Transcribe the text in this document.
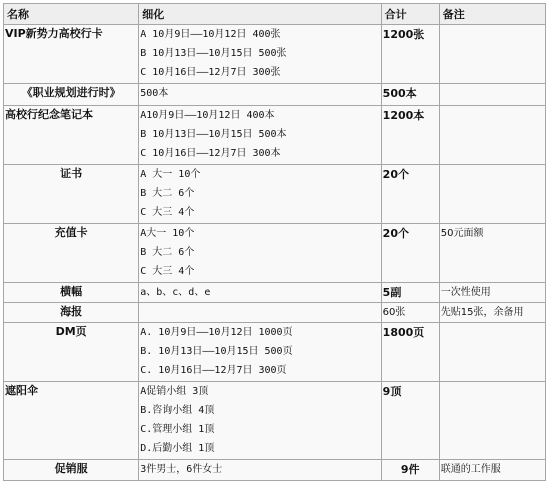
名称	细化	合计	备注
VIP新势力高校行卡	A 10月9日——10月12日 400张
B 10月13日——10月15日 500张
C 10月16日——12月7日 300张	1200张	

《职业规划进行时》	500本	500本	

高校行纪念笔记本	A10月9日——10月12日 400本
B 10月13日——10月15日 500本
C 10月16日——12月7日 300本	1200本	

证书	A 大一 10个
B 大二 6个
C 大三 4个	20个	

充值卡	A大一 10个
B 大二 6个
C 大三 4个	20个	50元面额

横幅	a、b、c、d、e	5副	一次性使用

海报		60张	先贴15张，余备用

DM页	A. 10月9日——10月12日 1000页
B. 10月13日——10月15日 500页
C. 10月16日——12月7日 300页	1800页	

遮阳伞	A促销小组 3顶
B.咨询小组 4顶
C.管理小组 1顶
D.后勤小组 1顶	9顶	

促销服	3件男士，6件女士	9件	联通的工作服
